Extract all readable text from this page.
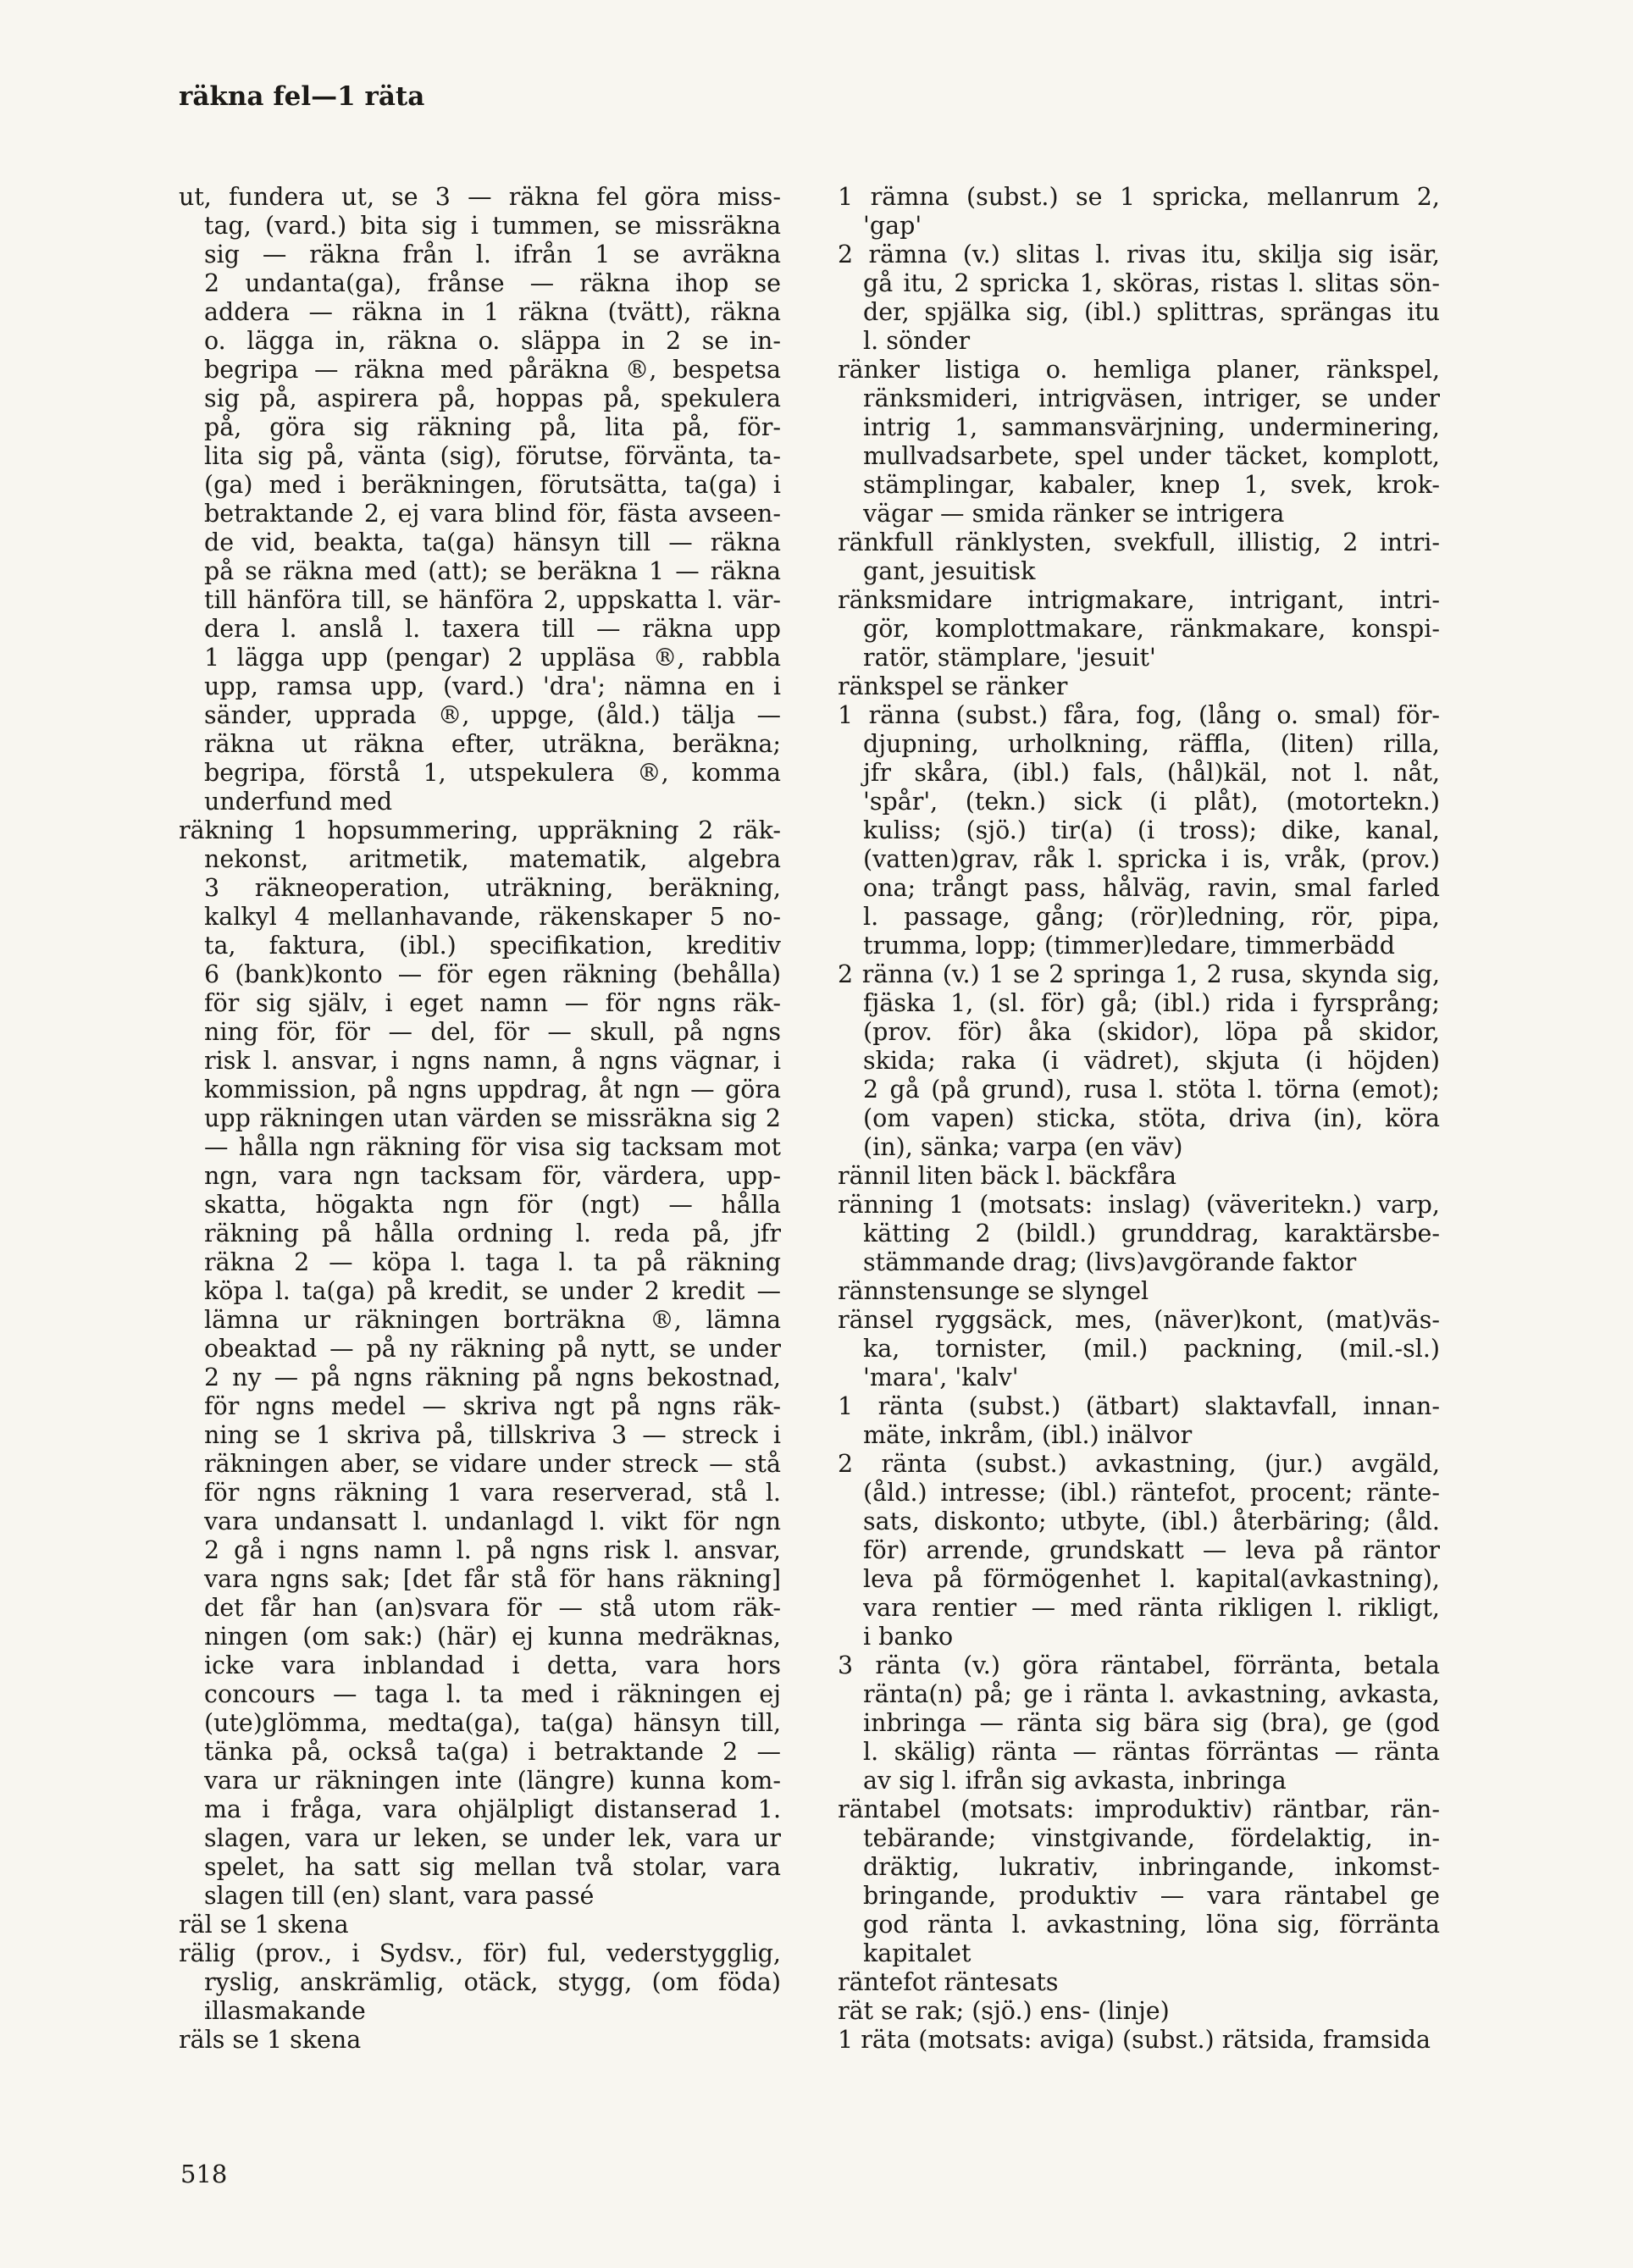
räkna fel—1 räta
ut, fundera ut, se 3 — räkna fel göra miss-
tag, (vard.) bita sig i tummen, se missräkna
sig — räkna från l. ifrån 1 se avräkna
2 undanta(ga), frånse — räkna ihop se
addera — räkna in 1 räkna (tvätt), räkna
o. lägga in, räkna o. släppa in 2 se in-
begripa — räkna med påräkna ®, bespetsa
sig på, aspirera på, hoppas på, spekulera
på, göra sig räkning på, lita på, för-
lita sig på, vänta (sig), förutse, förvänta, ta-
(ga) med i beräkningen, förutsätta, ta(ga) i
betraktande 2, ej vara blind för, fästa avseen-
de vid, beakta, ta(ga) hänsyn till — räkna
på se räkna med (att); se beräkna 1 — räkna
till hänföra till, se hänföra 2, uppskatta l. vär-
dera l. anslå l. taxera till — räkna upp
1 lägga upp (pengar) 2 uppläsa ®, rabbla
upp, ramsa upp, (vard.) 'dra'; nämna en i
sänder, upprada ®, uppge, (åld.) tälja —
räkna ut räkna efter, uträkna, beräkna;
begripa, förstå 1, utspekulera ®, komma
underfund med
räkning 1 hopsummering, uppräkning 2 räk-
nekonst, aritmetik, matematik, algebra
3 räkneoperation, uträkning, beräkning,
kalkyl 4 mellanhavande, räkenskaper 5 no-
ta, faktura, (ibl.) specifikation, kreditiv
6 (bank)konto — för egen räkning (behålla)
för sig själv, i eget namn — för ngns räk-
ning för, för — del, för — skull, på ngns
risk l. ansvar, i ngns namn, å ngns vägnar, i
kommission, på ngns uppdrag, åt ngn — göra
upp räkningen utan värden se missräkna sig 2
— hålla ngn räkning för visa sig tacksam mot
ngn, vara ngn tacksam för, värdera, upp-
skatta, högakta ngn för (ngt) — hålla
räkning på hålla ordning l. reda på, jfr
räkna 2 — köpa l. taga l. ta på räkning
köpa l. ta(ga) på kredit, se under 2 kredit —
lämna ur räkningen borträkna ®, lämna
obeaktad — på ny räkning på nytt, se under
2 ny — på ngns räkning på ngns bekostnad,
för ngns medel — skriva ngt på ngns räk-
ning se 1 skriva på, tillskriva 3 — streck i
räkningen aber, se vidare under streck — stå
för ngns räkning 1 vara reserverad, stå l.
vara undansatt l. undanlagd l. vikt för ngn
2 gå i ngns namn l. på ngns risk l. ansvar,
vara ngns sak; [det får stå för hans räkning]
det får han (an)svara för — stå utom räk-
ningen (om sak:) (här) ej kunna medräknas,
icke vara inblandad i detta, vara hors
concours — taga l. ta med i räkningen ej
(ute)glömma, medta(ga), ta(ga) hänsyn till,
tänka på, också ta(ga) i betraktande 2 —
vara ur räkningen inte (längre) kunna kom-
ma i fråga, vara ohjälpligt distanserad 1.
slagen, vara ur leken, se under lek, vara ur
spelet, ha satt sig mellan två stolar, vara
slagen till (en) slant, vara passé
räl se 1 skena
rälig (prov., i Sydsv., för) ful, vederstygglig,
ryslig, anskrämlig, otäck, stygg, (om föda)
illasmakande
räls se 1 skena
1 rämna (subst.) se 1 spricka, mellanrum 2,
'gap'
2 rämna (v.) slitas l. rivas itu, skilja sig isär,
gå itu, 2 spricka 1, sköras, ristas l. slitas sön-
der, spjälka sig, (ibl.) splittras, sprängas itu
l. sönder
ränker listiga o. hemliga planer, ränkspel,
ränksmideri, intrigväsen, intriger, se under
intrig 1, sammansvärjning, underminering,
mullvadsarbete, spel under täcket, komplott,
stämplingar, kabaler, knep 1, svek, krok-
vägar — smida ränker se intrigera
ränkfull ränklysten, svekfull, illistig, 2 intri-
gant, jesuitisk
ränksmidare intrigmakare, intrigant, intri-
gör, komplottmakare, ränkmakare, konspi-
ratör, stämplare, 'jesuit'
ränkspel se ränker
1 ränna (subst.) fåra, fog, (lång o. smal) för-
djupning, urholkning, räffla, (liten) rilla,
jfr skåra, (ibl.) fals, (hål)käl, not l. nåt,
'spår', (tekn.) sick (i plåt), (motortekn.)
kuliss; (sjö.) tir(a) (i tross); dike, kanal,
(vatten)grav, råk l. spricka i is, vråk, (prov.)
ona; trångt pass, hålväg, ravin, smal farled
l. passage, gång; (rör)ledning, rör, pipa,
trumma, lopp; (timmer)ledare, timmerbädd
2 ränna (v.) 1 se 2 springa 1, 2 rusa, skynda sig,
fjäska 1, (sl. för) gå; (ibl.) rida i fyrsprång;
(prov. för) åka (skidor), löpa på skidor,
skida; raka (i vädret), skjuta (i höjden)
2 gå (på grund), rusa l. stöta l. törna (emot);
(om vapen) sticka, stöta, driva (in), köra
(in), sänka; varpa (en väv)
rännil liten bäck l. bäckfåra
ränning 1 (motsats: inslag) (väveritekn.) varp,
kätting 2 (bildl.) grunddrag, karaktärsbe-
stämmande drag; (livs)avgörande faktor
rännstensunge se slyngel
ränsel ryggsäck, mes, (näver)kont, (mat)väs-
ka, tornister, (mil.) packning, (mil.-sl.)
'mara', 'kalv'
1 ränta (subst.) (ätbart) slaktavfall, innan-
mäte, inkråm, (ibl.) inälvor
2 ränta (subst.) avkastning, (jur.) avgäld,
(åld.) intresse; (ibl.) räntefot, procent; ränte-
sats, diskonto; utbyte, (ibl.) återbäring; (åld.
för) arrende, grundskatt — leva på räntor
leva på förmögenhet l. kapital(avkastning),
vara rentier — med ränta rikligen l. rikligt,
i banko
3 ränta (v.) göra räntabel, förränta, betala
ränta(n) på; ge i ränta l. avkastning, avkasta,
inbringa — ränta sig bära sig (bra), ge (god
l. skälig) ränta — räntas förräntas — ränta
av sig l. ifrån sig avkasta, inbringa
räntabel (motsats: improduktiv) räntbar, rän-
tebärande; vinstgivande, fördelaktig, in-
dräktig, lukrativ, inbringande, inkomst-
bringande, produktiv — vara räntabel ge
god ränta l. avkastning, löna sig, förränta
kapitalet
räntefot räntesats
rät se rak; (sjö.) ens- (linje)
1 räta (motsats: aviga) (subst.) rätsida, framsida
518
